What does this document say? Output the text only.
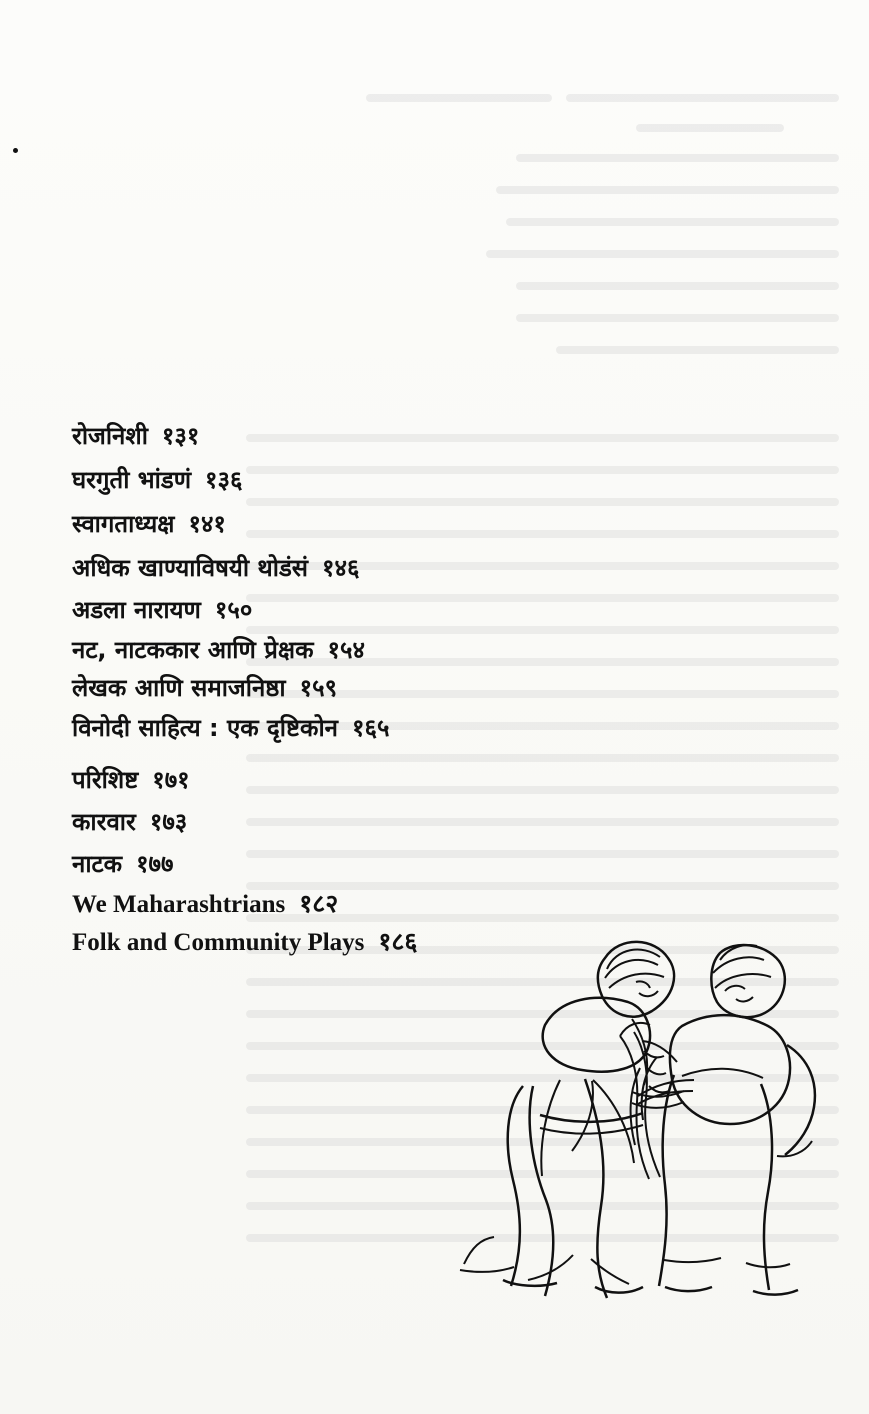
रोजनिशी १३१
घरगुती भांडणं १३६
स्वागताध्यक्ष १४१
अधिक खाण्याविषयी थोडंसं १४६
अडला नारायण १५०
नट, नाटककार आणि प्रेक्षक १५४
लेखक आणि समाजनिष्ठा १५९
विनोदी साहित्य : एक दृष्टिकोन १६५
परिशिष्ट १७१
कारवार १७३
नाटक १७७
We Maharashtrians १८२
Folk and Community Plays १८६
